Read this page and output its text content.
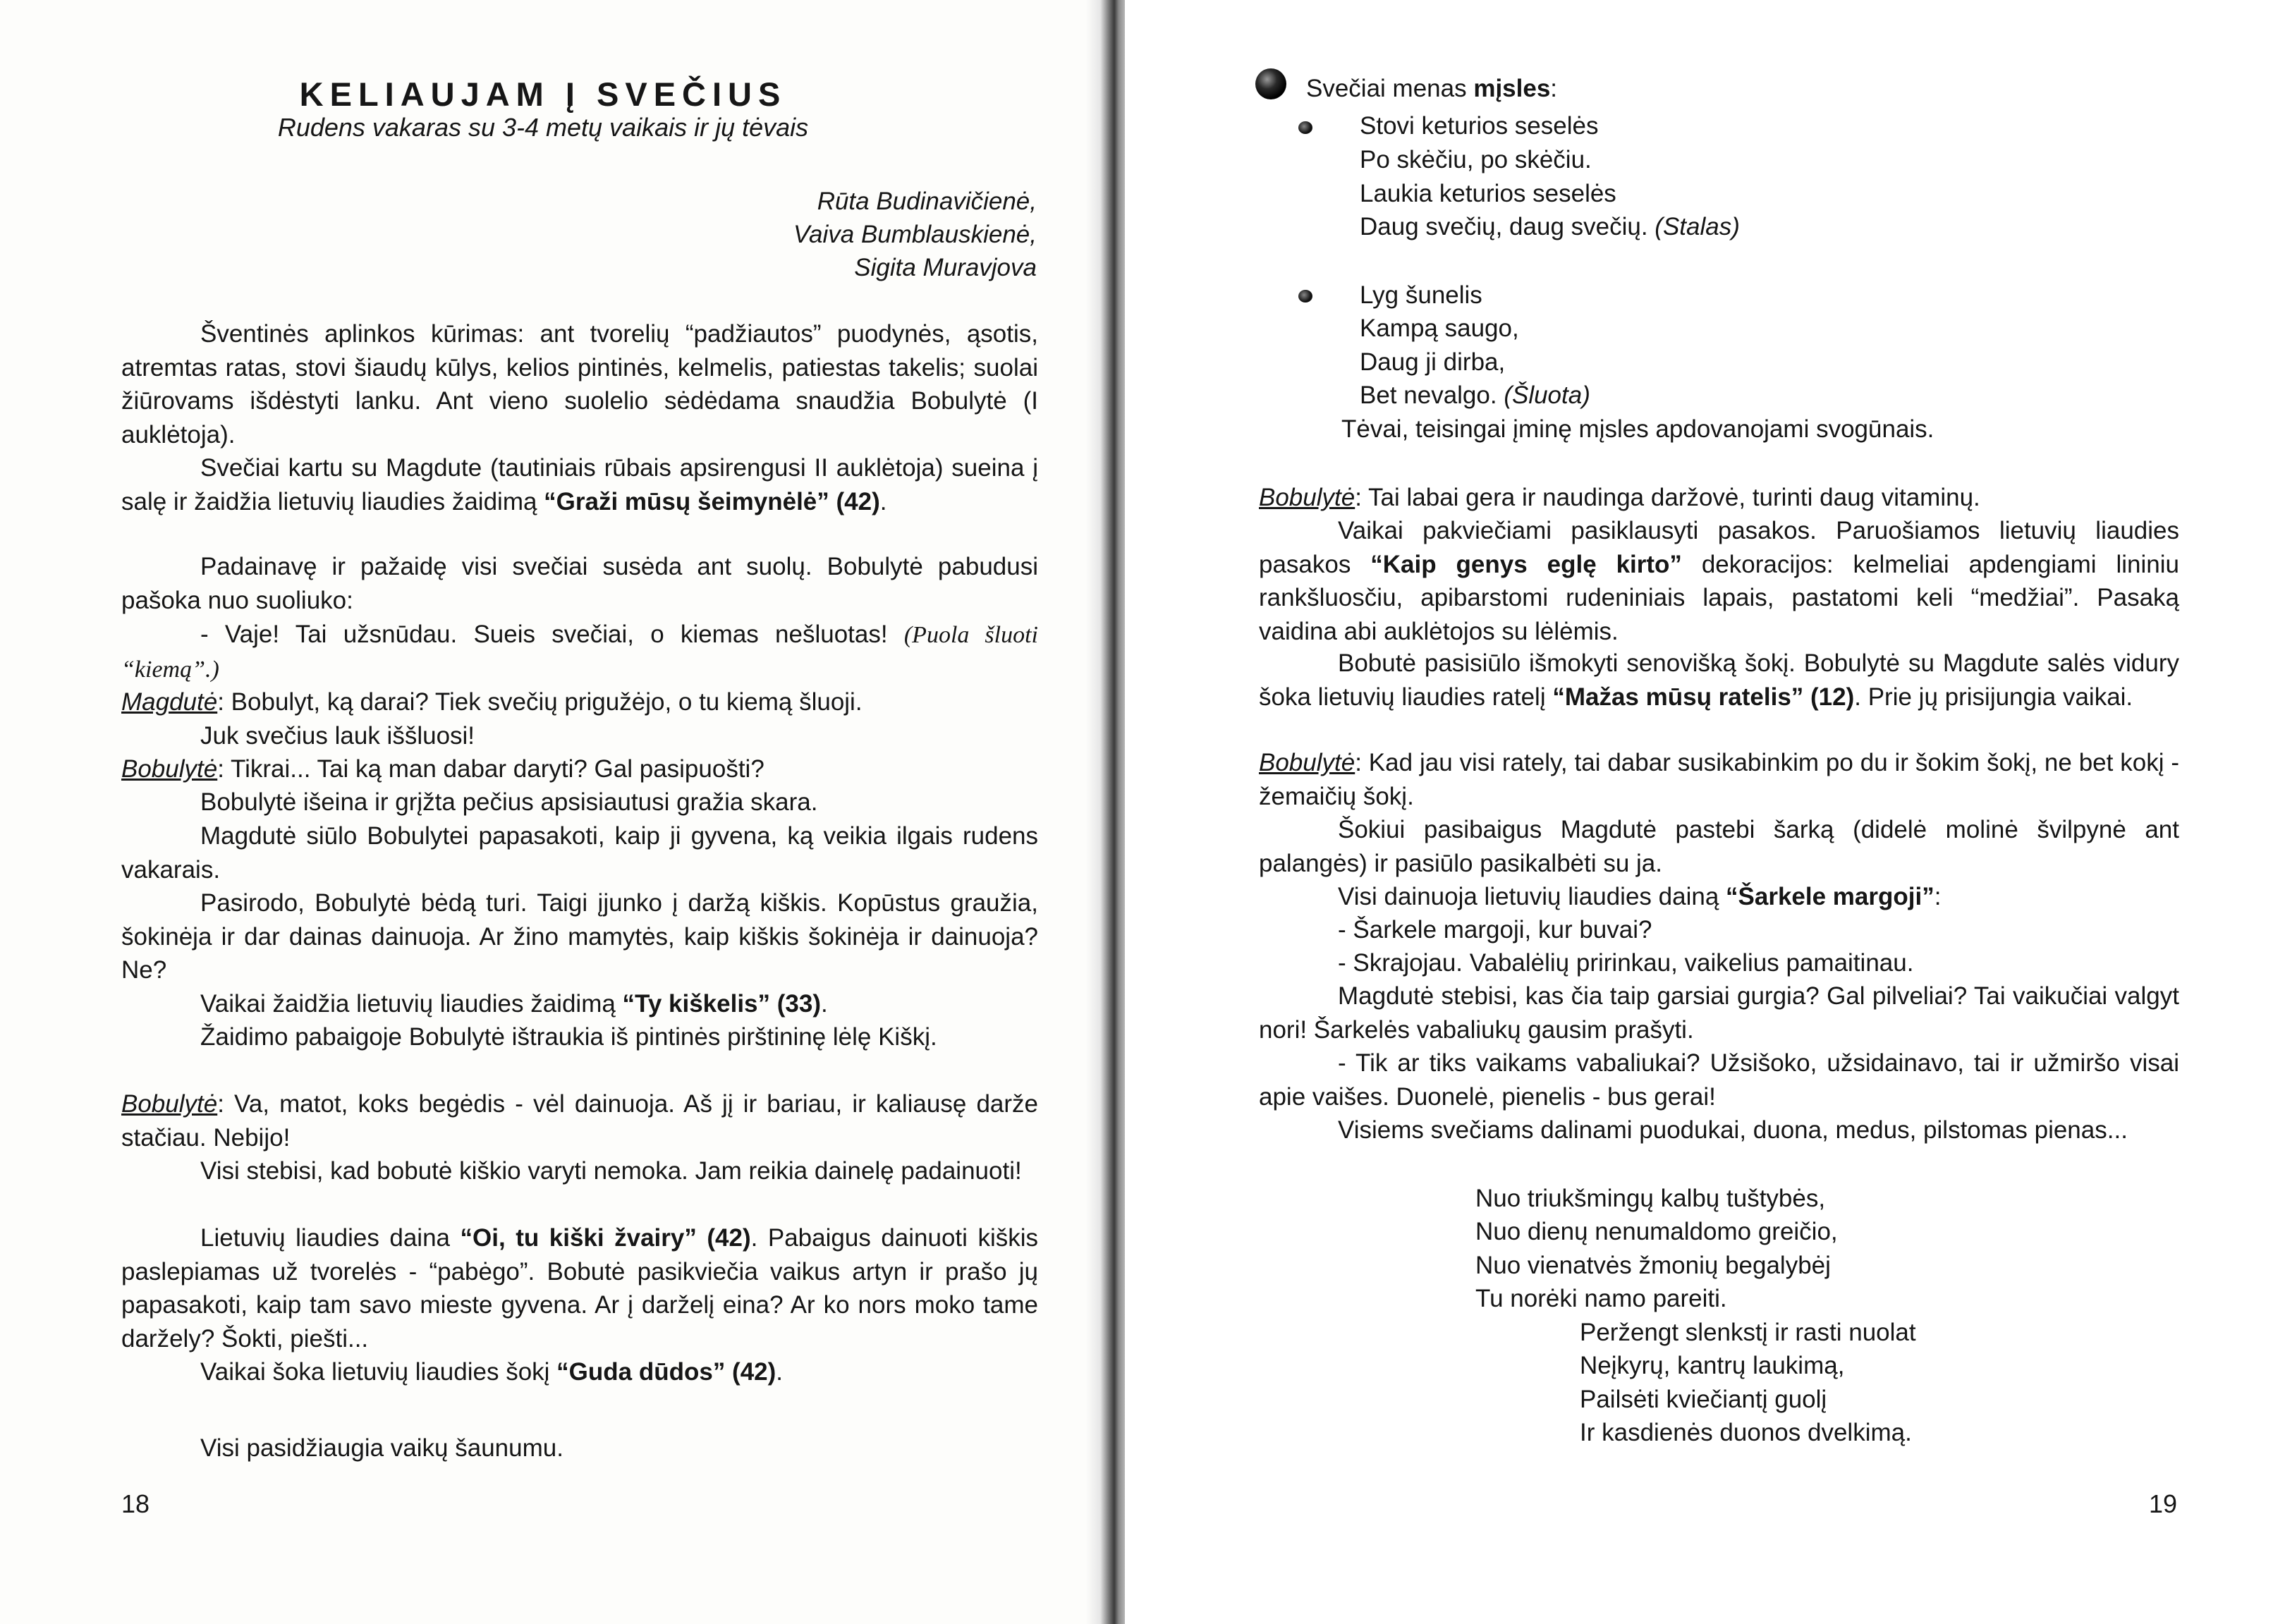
KELIAUJAM Į SVEČIUS
Rudens vakaras su 3-4 metų vaikais ir jų tėvais
Rūta Budinavičienė,
Vaiva Bumblauskienė,
Sigita Muravjova

Šventinės aplinkos kūrimas: ant tvorelių “padžiautos” puodynės, ąsotis, atremtas ratas, stovi šiaudų kūlys, kelios pintinės, kelmelis, patiestas takelis; suolai žiūrovams išdėstyti lanku. Ant vieno suolelio sėdėdama snaudžia Bobulytė (I auklėtoja).

Svečiai kartu su Magdute (tautiniais rūbais apsirengusi II auklėtoja) sueina į salę ir žaidžia lietuvių liaudies žaidimą “Graži mūsų šeimynėlė” (42).

Padainavę ir pažaidę visi svečiai susėda ant suolų. Bobulytė pabudusi pašoka nuo suoliuko:

- Vaje! Tai užsnūdau. Sueis svečiai, o kiemas nešluotas! (Puola šluoti “kiemą”.)

Magdutė: Bobulyt, ką darai? Tiek svečių prigužėjo, o tu kiemą šluoji.

Juk svečius lauk iššluosi!

Bobulytė: Tikrai... Tai ką man dabar daryti? Gal pasipuošti?

Bobulytė išeina ir grįžta pečius apsisiautusi gražia skara.

Magdutė siūlo Bobulytei papasakoti, kaip ji gyvena, ką veikia ilgais rudens vakarais.

Pasirodo, Bobulytė bėdą turi. Taigi įjunko į daržą kiškis. Kopūstus graužia, šokinėja ir dar dainas dainuoja. Ar žino mamytės, kaip kiškis šokinėja ir dainuoja? Ne?

Vaikai žaidžia lietuvių liaudies žaidimą “Ty kiškelis” (33).

Žaidimo pabaigoje Bobulytė ištraukia iš pintinės pirštininę lėlę Kiškį.

Bobulytė: Va, matot, koks begėdis - vėl dainuoja. Aš jį ir bariau, ir kaliausę darže stačiau. Nebijo!

Visi stebisi, kad bobutė kiškio varyti nemoka. Jam reikia dainelę padainuoti!

Lietuvių liaudies daina “Oi, tu kiški žvairy” (42). Pabaigus dainuoti kiškis paslepiamas už tvorelės - “pabėgo”. Bobutė pasikviečia vaikus artyn ir prašo jų papasakoti, kaip tam savo mieste gyvena. Ar į darželį eina? Ar ko nors moko tame daržely? Šokti, piešti...

Vaikai šoka lietuvių liaudies šokį “Guda dūdos” (42).

Visi pasidžiaugia vaikų šaunumu.

18
Svečiai menas mįsles:
Stovi keturios seselės
Po skėčiu, po skėčiu.
Laukia keturios seselės
Daug svečių, daug svečių. (Stalas)
Lyg šunelis
Kampą saugo,
Daug ji dirba,
Bet nevalgo. (Šluota)
Tėvai, teisingai įminę mįsles apdovanojami svogūnais.

Bobulytė: Tai labai gera ir naudinga daržovė, turinti daug vitaminų.

Vaikai pakviečiami pasiklausyti pasakos. Paruošiamos lietuvių liaudies pasakos “Kaip genys eglę kirto” dekoracijos: kelmeliai apdengiami lininiu rankšluosčiu, apibarstomi rudeniniais lapais, pastatomi keli “medžiai”. Pasaką vaidina abi auklėtojos su lėlėmis.

Bobutė pasisiūlo išmokyti senovišką šokį. Bobulytė su Magdute salės vidury šoka lietuvių liaudies ratelį “Mažas mūsų ratelis” (12). Prie jų prisijungia vaikai.

Bobulytė: Kad jau visi rately, tai dabar susikabinkim po du ir šokim šokį, ne bet kokį - žemaičių šokį.

Šokiui pasibaigus Magdutė pastebi šarką (didelė molinė švilpynė ant palangės) ir pasiūlo pasikalbėti su ja.

Visi dainuoja lietuvių liaudies dainą “Šarkele margoji”:

- Šarkele margoji, kur buvai?

- Skrajojau. Vabalėlių pririnkau, vaikelius pamaitinau.

Magdutė stebisi, kas čia taip garsiai gurgia? Gal pilveliai? Tai vaikučiai valgyt nori! Šarkelės vabaliukų gausim prašyti.

- Tik ar tiks vaikams vabaliukai? Užsišoko, užsidainavo, tai ir užmiršo visai apie vaišes. Duonelė, pienelis - bus gerai!

Visiems svečiams dalinami puodukai, duona, medus, pilstomas pienas...

Nuo triukšmingų kalbų tuštybės,
Nuo dienų nenumaldomo greičio,
Nuo vienatvės žmonių begalybėj
Tu norėki namo pareiti.
Peržengt slenkstį ir rasti nuolat
Neįkyrų, kantrų laukimą,
Pailsėti kviečiantį guolį
Ir kasdienės duonos dvelkimą.
19
